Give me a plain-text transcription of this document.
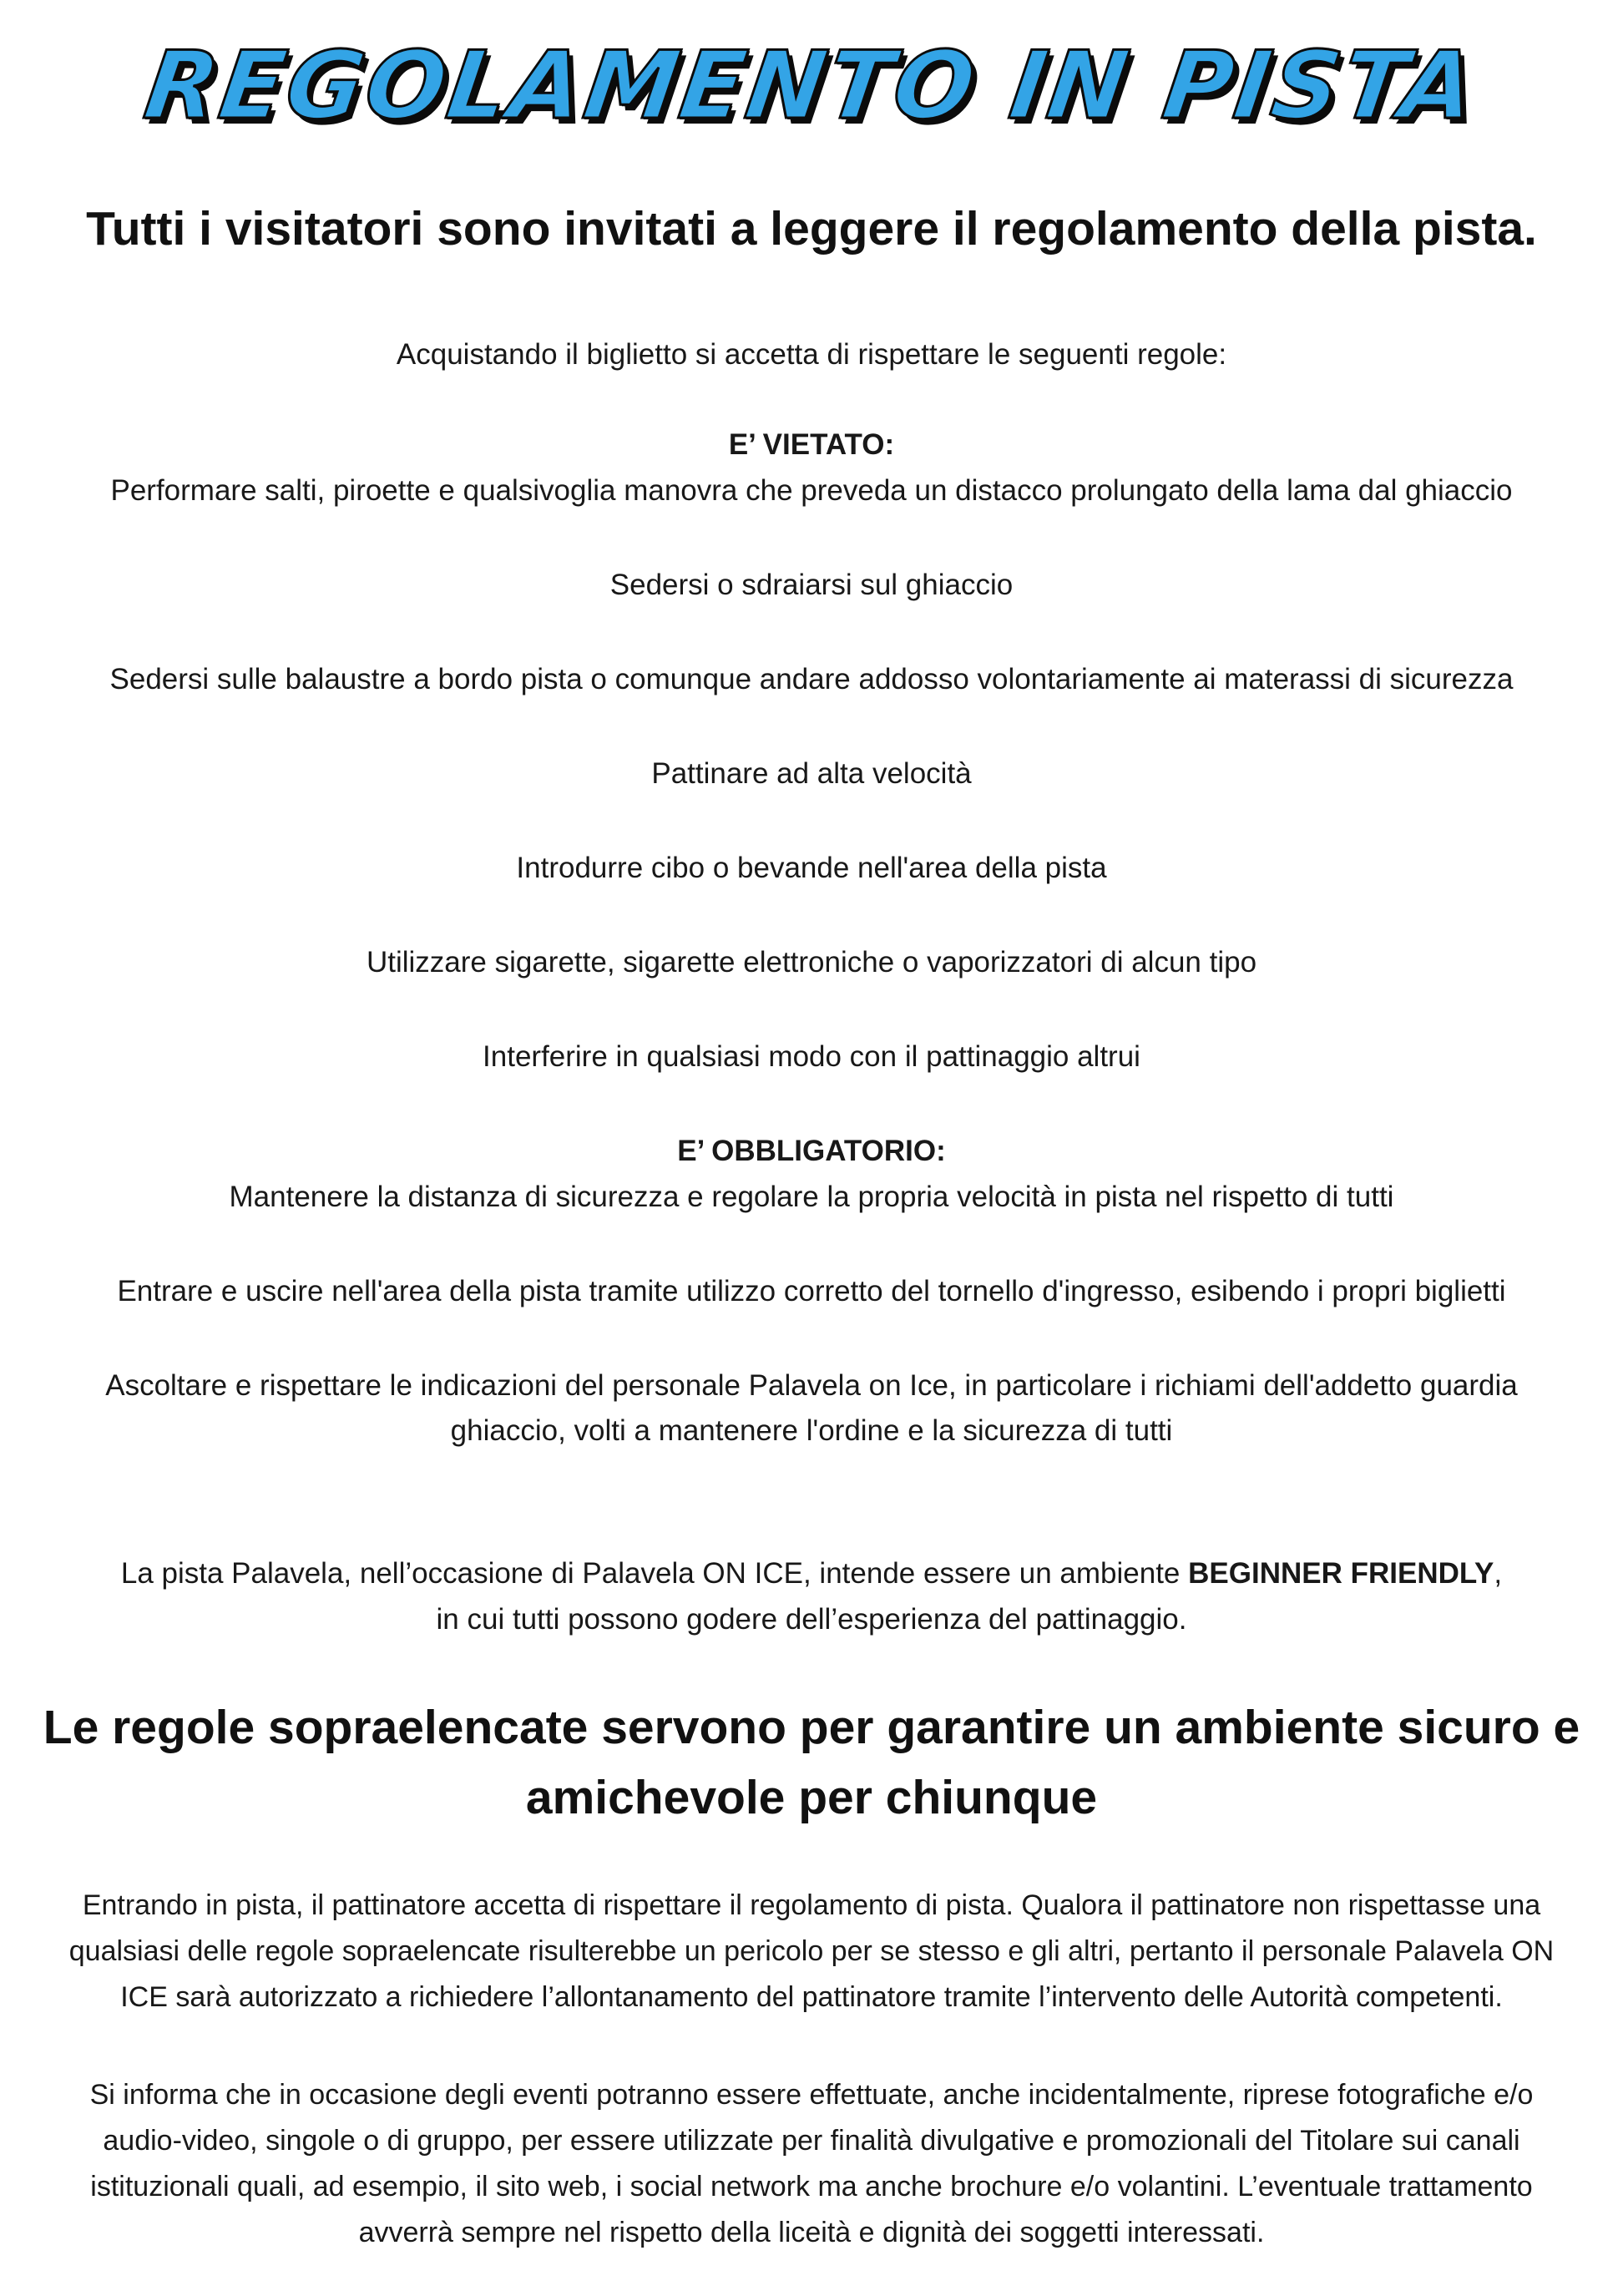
REGOLAMENTO IN PISTA
Tutti i visitatori sono invitati a leggere il regolamento della pista.
Acquistando il biglietto si accetta di rispettare le seguenti regole:
E’ VIETATO:
Performare salti, piroette e qualsivoglia manovra che preveda un distacco prolungato della lama dal ghiaccio
Sedersi o sdraiarsi sul ghiaccio
Sedersi sulle balaustre a bordo pista o comunque andare addosso volontariamente ai materassi di sicurezza
Pattinare ad alta velocità
Introdurre cibo o bevande nell'area della pista
Utilizzare sigarette, sigarette elettroniche o vaporizzatori di alcun tipo
Interferire in qualsiasi modo con il pattinaggio altrui
E’ OBBLIGATORIO:
Mantenere la distanza di sicurezza e regolare la propria velocità in pista nel rispetto di tutti
Entrare e uscire nell'area della pista tramite utilizzo corretto del tornello d'ingresso, esibendo i propri biglietti
Ascoltare e rispettare le indicazioni del personale Palavela on Ice, in particolare i richiami dell'addetto guardia
ghiaccio, volti a mantenere l'ordine e la sicurezza di tutti
La pista Palavela, nell’occasione di Palavela ON ICE, intende essere un ambiente BEGINNER FRIENDLY,
in cui tutti possono godere dell’esperienza del pattinaggio.
Le regole sopraelencate servono per garantire un ambiente sicuro e
amichevole per chiunque
Entrando in pista, il pattinatore accetta di rispettare il regolamento di pista. Qualora il pattinatore non rispettasse una
qualsiasi delle regole sopraelencate risulterebbe un pericolo per se stesso e gli altri, pertanto il personale Palavela ON
ICE sarà autorizzato a richiedere l’allontanamento del pattinatore tramite l’intervento delle Autorità competenti.
Si informa che in occasione degli eventi potranno essere effettuate, anche incidentalmente, riprese fotografiche e/o
audio-video, singole o di gruppo, per essere utilizzate per finalità divulgative e promozionali del Titolare sui canali
istituzionali quali, ad esempio, il sito web, i social network ma anche brochure e/o volantini. L’eventuale trattamento
avverrà sempre nel rispetto della liceità e dignità dei soggetti interessati.
